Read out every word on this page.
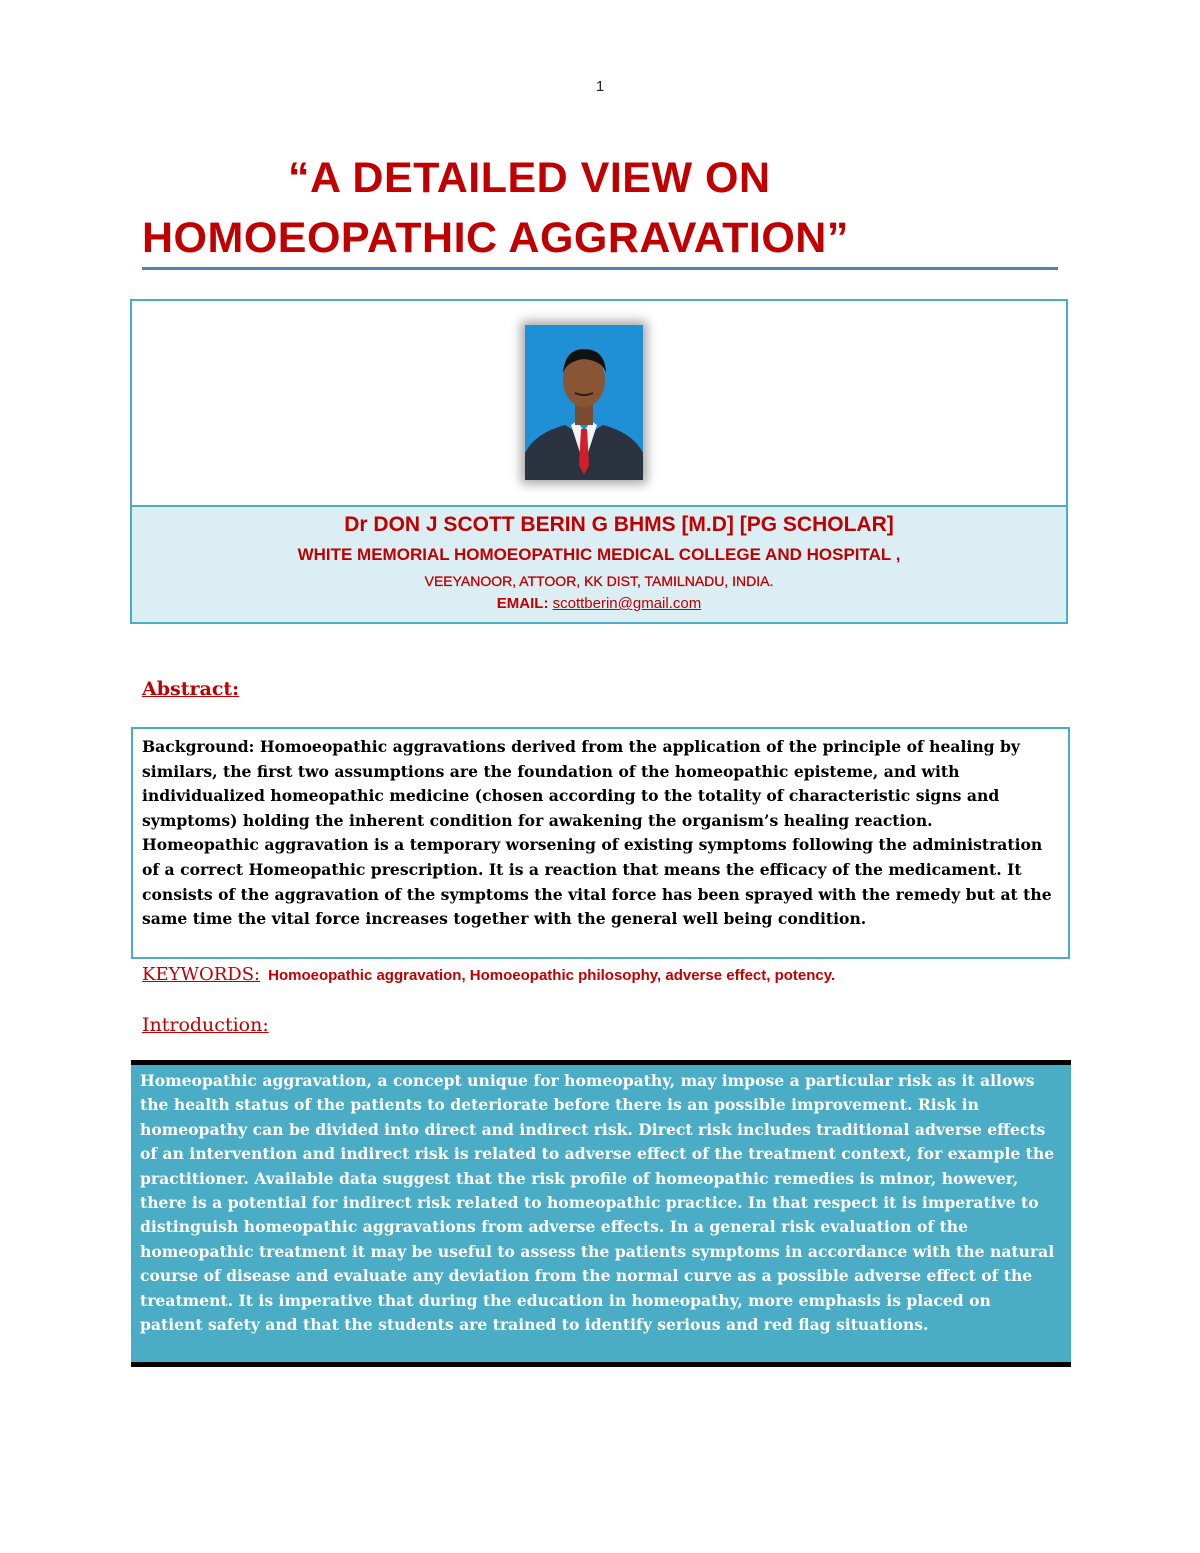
1
“A DETAILED VIEW ON
HOMOEOPATHIC AGGRAVATION”
Dr DON J SCOTT BERIN G BHMS [M.D] [PG SCHOLAR]
WHITE MEMORIAL HOMOEOPATHIC MEDICAL COLLEGE AND HOSPITAL ,
VEEYANOOR, ATTOOR, KK DIST, TAMILNADU, INDIA.
EMAIL: scottberin@gmail.com
Abstract:
Background: Homoeopathic aggravations derived from the application of the principle of healing by similars, the first two assumptions are the foundation of the homeopathic episteme, and with individualized homeopathic medicine (chosen according to the totality of characteristic signs and symptoms) holding the inherent condition for awakening the organism’s healing reaction. Homeopathic aggravation is a temporary worsening of existing symptoms following the administration of a correct Homeopathic prescription. It is a reaction that means the efficacy of the medicament. It consists of the aggravation of the symptoms the vital force has been sprayed with the remedy but at the same time the vital force increases together with the general well being condition.
KEYWORDS: Homoeopathic aggravation, Homoeopathic philosophy, adverse effect, potency.
Introduction:
Homeopathic aggravation, a concept unique for homeopathy, may impose a particular risk as it allows the health status of the patients to deteriorate before there is an possible improvement. Risk in homeopathy can be divided into direct and indirect risk. Direct risk includes traditional adverse effects of an intervention and indirect risk is related to adverse effect of the treatment context, for example the practitioner. Available data suggest that the risk profile of homeopathic remedies is minor, however, there is a potential for indirect risk related to homeopathic practice. In that respect it is imperative to distinguish homeopathic aggravations from adverse effects. In a general risk evaluation of the homeopathic treatment it may be useful to assess the patients symptoms in accordance with the natural course of disease and evaluate any deviation from the normal curve as a possible adverse effect of the treatment. It is imperative that during the education in homeopathy, more emphasis is placed on patient safety and that the students are trained to identify serious and red flag situations.
